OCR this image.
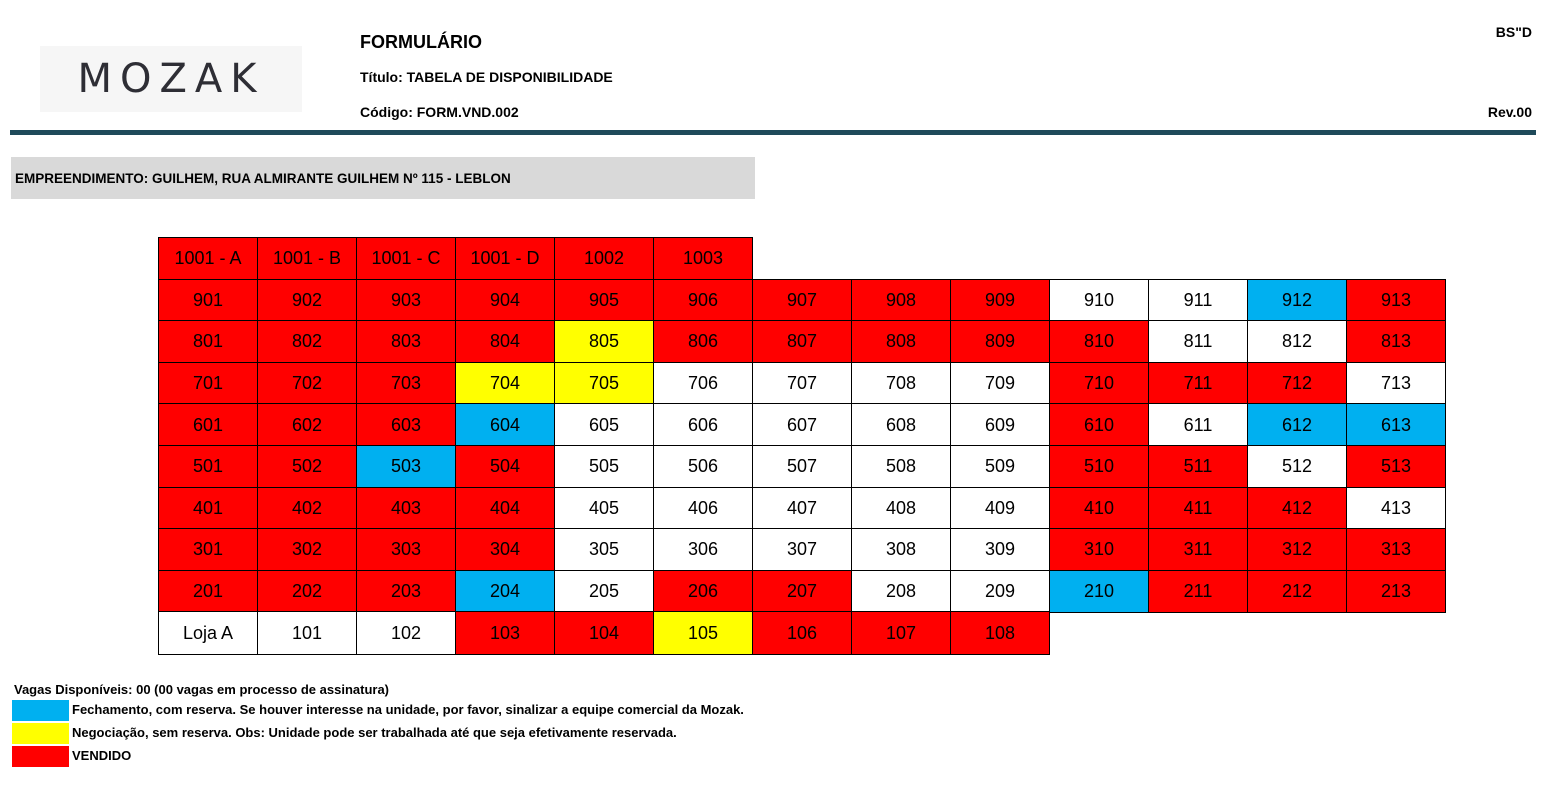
MOZAK
FORMULÁRIO
Título: TABELA DE DISPONIBILIDADE
Código: FORM.VND.002
BS"D
Rev.00
EMPREENDIMENTO: GUILHEM, RUA ALMIRANTE GUILHEM Nº 115 - LEBLON
1001 - A	1001 - B	1001 - C	1001 - D	1002	1003
901	902	903	904	905	906	907	908	909	910	911	912	913
801	802	803	804	805	806	807	808	809	810	811	812	813
701	702	703	704	705	706	707	708	709	710	711	712	713
601	602	603	604	605	606	607	608	609	610	611	612	613
501	502	503	504	505	506	507	508	509	510	511	512	513
401	402	403	404	405	406	407	408	409	410	411	412	413
301	302	303	304	305	306	307	308	309	310	311	312	313
201	202	203	204	205	206	207	208	209	210	211	212	213
Loja A	101	102	103	104	105	106	107	108
Vagas Disponíveis: 00 (00 vagas em processo de assinatura)
Fechamento, com reserva. Se houver interesse na unidade, por favor, sinalizar a equipe comercial da Mozak.
Negociação, sem reserva. Obs: Unidade pode ser trabalhada até que seja efetivamente reservada.
VENDIDO
